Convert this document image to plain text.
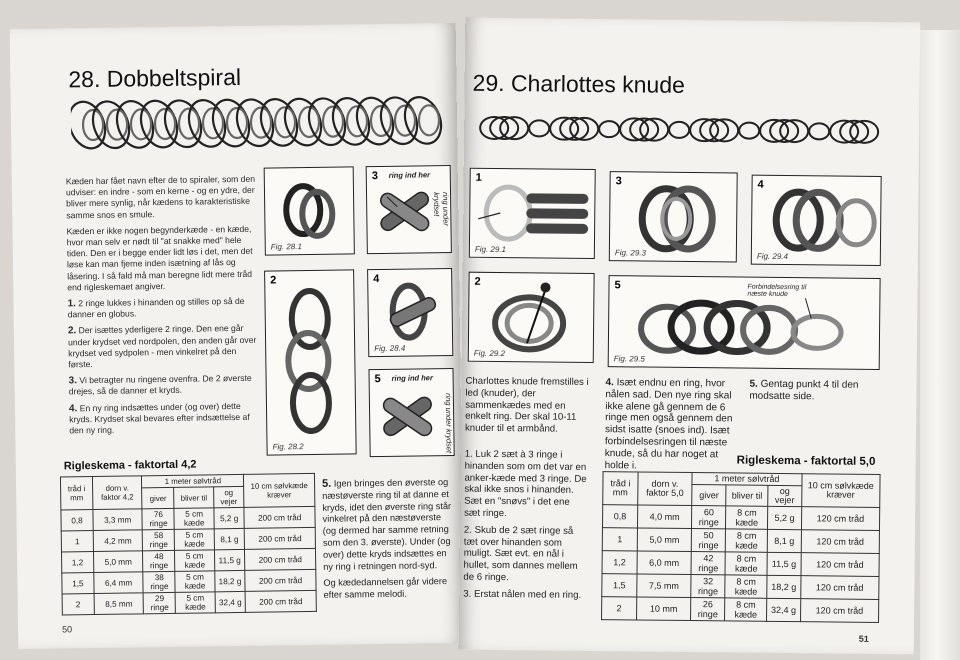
28. Dobbeltspiral

Kæden har fået navn efter de to spiraler, som den udviser: en indre - som en kerne - og en ydre, der bliver mere synlig, når kædens to karakteristiske samme snos en smule.

Kæden er ikke nogen begynderkæde - en kæde, hvor man selv er nødt til "at snakke med" hele tiden. Den er i begge ender lidt løs i det, men det løse kan man fjerne inden isætning af lås og låsering. I så fald må man beregne lidt mere tråd end rigleskemaet angiver.

1. 2 ringe lukkes i hinanden og stilles op så de danner en globus.

2. Der isættes yderligere 2 ringe. Den ene går under krydset ved nordpolen, den anden går over krydset ved sydpolen - men vinkelret på den første.

3. Vi betragter nu ringene ovenfra. De 2 øverste drejes, så de danner et kryds.

4. En ny ring indsættes under (og over) dette kryds. Krydset skal bevares efter indsættelse af den ny ring.

Fig. 28.1
3 ring ind her
ring under krydset
2
Fig. 28.2
4
Fig. 28.4
5 ring ind her
ring under krydset
Rigleskema - faktortal 4,2
tråd i mm	dorn v. faktor 4,2	1 meter sølvtråd			10 cm sølvkæde kræver
		giver	bliver til	og vejer	
0,8	3,3 mm	76 ringe	5 cm kæde	5,2 g	200 cm tråd
1	4,2 mm	58 ringe	5 cm kæde	8,1 g	200 cm tråd
1,2	5,0 mm	48 ringe	5 cm kæde	11,5 g	200 cm tråd
1,5	6,4 mm	38 ringe	5 cm kæde	18,2 g	200 cm tråd
2	8,5 mm	29 ringe	5 cm kæde	32,4 g	200 cm tråd

5. Igen bringes den øverste og næstøverste ring til at danne et kryds, idet den øverste ring står vinkelret på den næstøverste (og dermed har samme retning som den 3. øverste). Under (og over) dette kryds indsættes en ny ring i retningen nord-syd.

Og kædedannelsen går videre efter samme melodi.

50
29. Charlottes knude
1
Fig. 29.1
3
Fig. 29.3
4
Fig. 29.4
2
Fig. 29.2
5
Fig. 29.5
Forbindelsesring til næste knude

Charlottes knude fremstilles i led (knuder), der sammenkædes med en enkelt ring. Der skal 10-11 knuder til et armbånd.

1. Luk 2 sæt à 3 ringe i hinanden som om det var en anker-kæde med 3 ringe. De skal ikke snos i hinanden. Sæt en "snøvs" i det ene sæt ringe.

2. Skub de 2 sæt ringe så tæt over hinanden som muligt. Sæt evt. en nål i hullet, som dannes mellem de 6 ringe.

3. Erstat nålen med en ring.

4. Isæt endnu en ring, hvor nålen sad. Den nye ring skal ikke alene gå gennem de 6 ringe men også gennem den sidst isatte (snoes ind). Isæt forbindelsesringen til næste knude, så du har noget at holde i.

5. Gentag punkt 4 til den modsatte side.

Rigleskema - faktortal 5,0
tråd i mm	dorn v. faktor 5,0	1 meter sølvtråd			10 cm sølvkæde kræver
		giver	bliver til	og vejer	
0,8	4,0 mm	60 ringe	8 cm kæde	5,2 g	120 cm tråd
1	5,0 mm	50 ringe	8 cm kæde	8,1 g	120 cm tråd
1,2	6,0 mm	42 ringe	8 cm kæde	11,5 g	120 cm tråd
1,5	7,5 mm	32 ringe	8 cm kæde	18,2 g	120 cm tråd
2	10 mm	26 ringe	8 cm kæde	32,4 g	120 cm tråd
51
